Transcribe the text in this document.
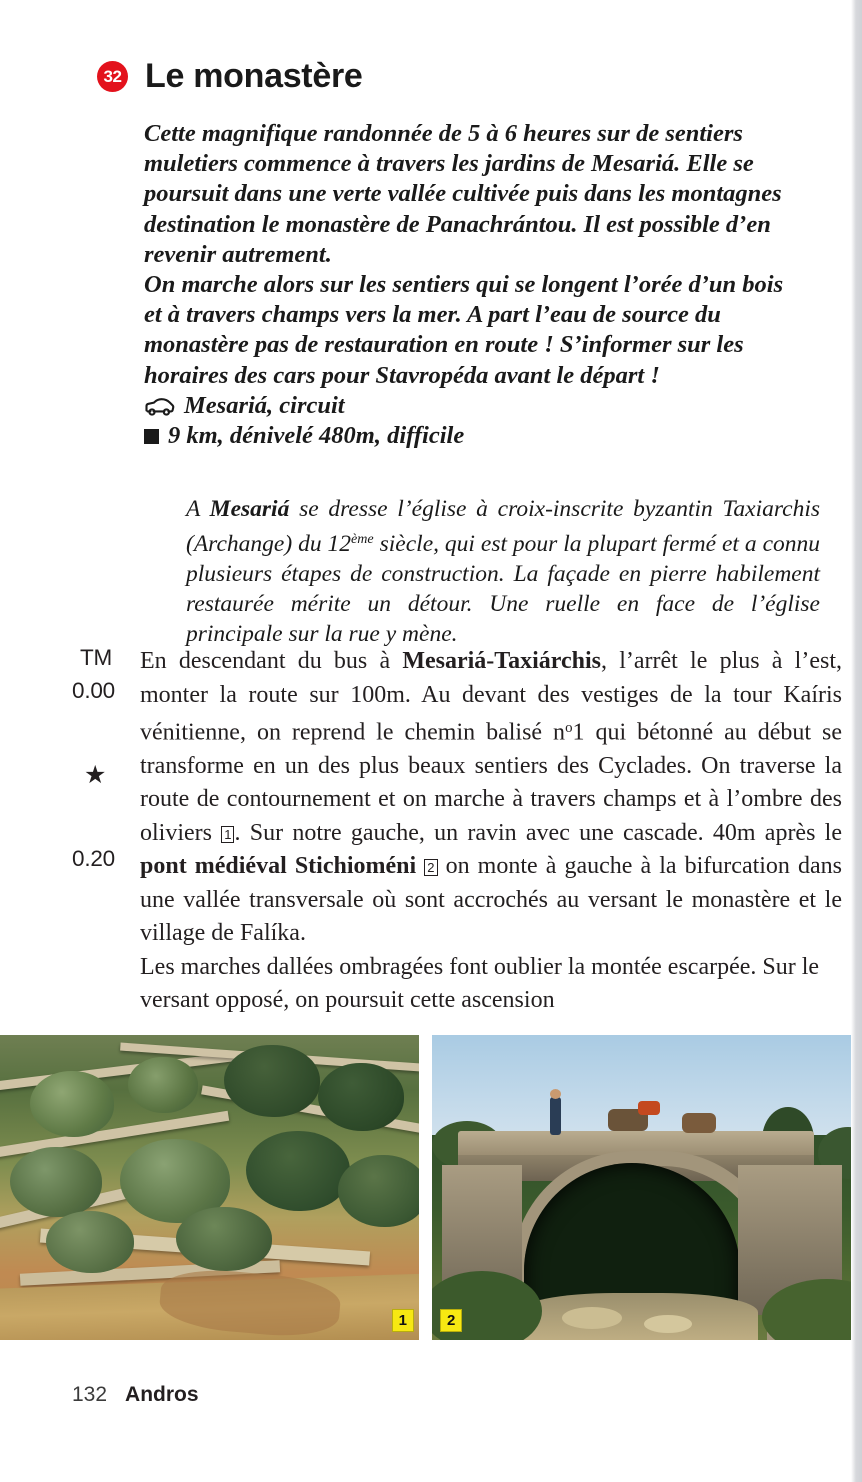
32 Le monastère

Cette magnifique randonnée de 5 à 6 heures sur de sentiers muletiers commence à travers les jardins de Mesariá. Elle se poursuit dans une verte vallée cultivée puis dans les montagnes destination le monastère de Panachrántou. Il est possible d’en revenir autrement.

On marche alors sur les sentiers qui se longent l’orée d’un bois et à travers champs vers la mer. A part l’eau de source du monastère pas de restauration en route ! S’informer sur les horaires des cars pour Stavropéda avant le départ !

Mesariá, circuit
9 km, dénivelé 480m, difficile
A Mesariá se dresse l’église à croix-inscrite byzantin Taxiarchis (Archange) du 12ème siècle, qui est pour la plupart fermé et a connu plusieurs étapes de construction. La façade en pierre habilement restaurée mérite un détour. Une ruelle en face de l’église principale sur la rue y mène.
TM
0.00
★
0.20

En descendant du bus à Mesariá-Taxiárchis, l’arrêt le plus à l’est, monter la route sur 100m. Au devant des vestiges de la tour Kaíris vénitienne, on reprend le chemin balisé $n^o1$ qui bétonné au début se transforme en un des plus beaux sentiers des Cyclades. On traverse la route de contournement et on marche à travers champs et à l’ombre des oliviers 1 . Sur notre gauche, un ravin avec une cascade. 40m après le pont médiéval Stichioméni 2 on monte à gauche à la bifurcation dans une vallée transversale où sont accrochés au versant le monastère et le village de Falíka.

Les marches dallées ombragées font oublier la montée escarpée. Sur le versant opposé, on poursuit cette ascension

1	2
132 Andros
